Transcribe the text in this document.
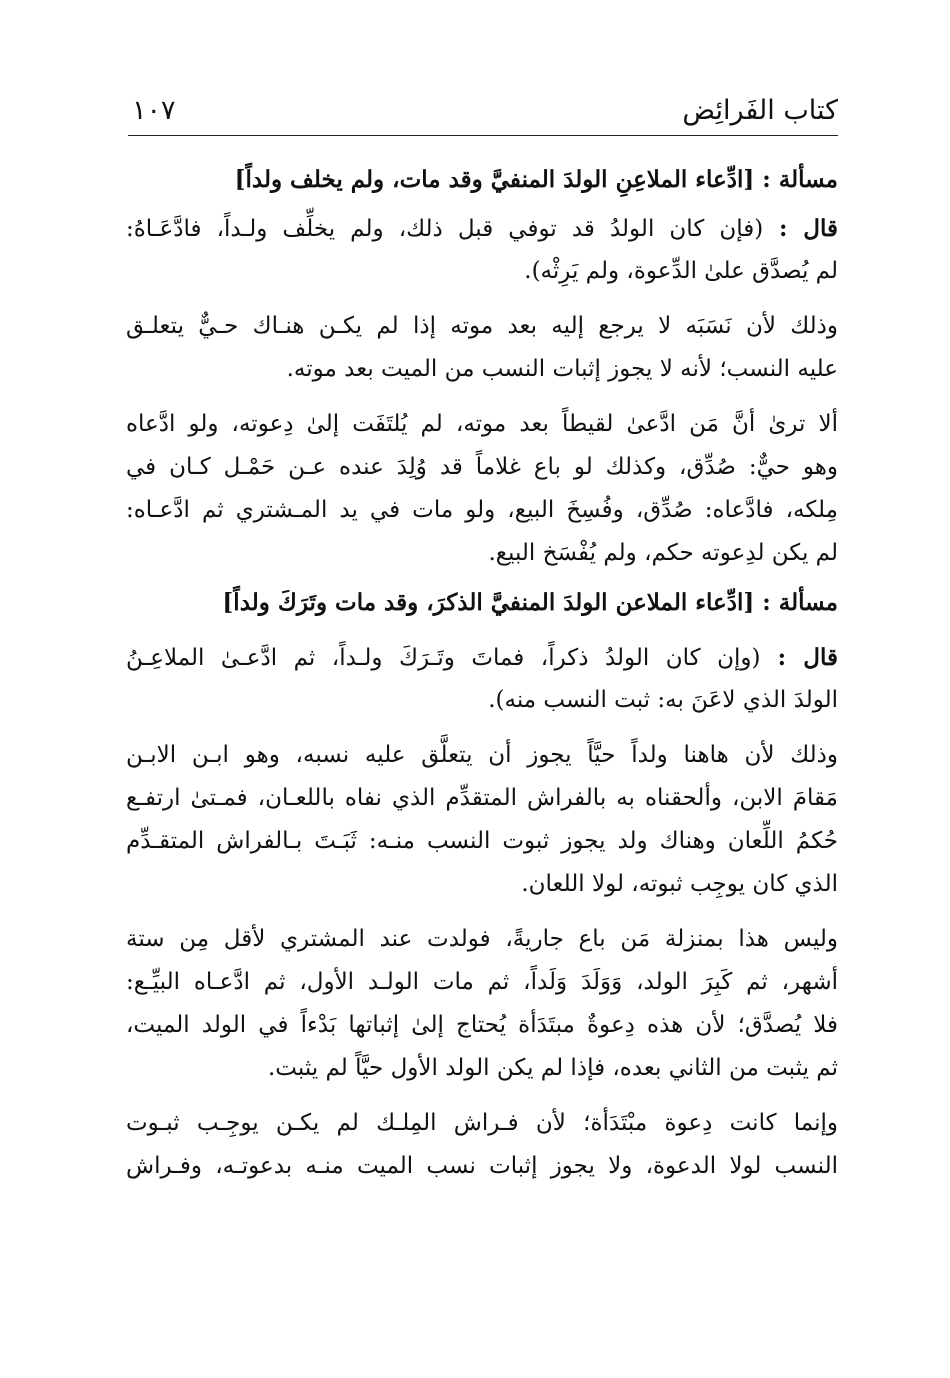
كتاب الفَرائِض
١٠٧
مسألة : [ادِّعاء الملاعِنِ الولدَ المنفيَّ وقد مات، ولم يخلف ولداً]
قال : (فإن كان الولدُ قد توفي قبل ذلك، ولم يخلِّف ولـداً، فادَّعَـاهُ:
لم يُصدَّق علىٰ الدِّعوة، ولم يَرِثْه).
وذلك لأن نَسَبَه لا يرجع إليه بعد موته إذا لم يكـن هنـاك حـيٌّ يتعلـق
عليه النسب؛ لأنه لا يجوز إثبات النسب من الميت بعد موته.
ألا ترىٰ أنَّ مَن ادَّعىٰ لقيطاً بعد موته، لم يُلتَفَت إلىٰ دِعوته، ولو ادَّعاه
وهو حيٌّ: صُدِّق، وكذلك لو باع غلاماً قد وُلِدَ عنده عـن حَمْـل كـان في
مِلكه، فادَّعاه: صُدِّق، وفُسِخَ البيع، ولو مات في يد المـشتري ثم ادَّعـاه:
لم يكن لدِعوته حكم، ولم يُفْسَخ البيع.
مسألة : [ادِّعاء الملاعن الولدَ المنفيَّ الذكرَ، وقد مات وتَرَكَ ولداً]
قال : (وإن كان الولدُ ذكراً، فماتَ وتَـرَكَ ولـداً، ثم ادَّعـىٰ الملاعِـنُ
الولدَ الذي لاعَنَ به: ثبت النسب منه).
وذلك لأن هاهنا ولداً حيَّاً يجوز أن يتعلَّق عليه نسبه، وهو ابـن الابـن
مَقامَ الابن، وألحقناه به بالفراش المتقدِّم الذي نفاه باللعـان، فمـتىٰ ارتفـع
حُكمُ اللِّعان وهناك ولد يجوز ثبوت النسب منـه: ثَبَـتَ بـالفراش المتقـدِّم
الذي كان يوجِب ثبوته، لولا اللعان.
وليس هذا بمنزلة مَن باع جاريةً، فولدت عند المشتري لأقل مِن ستة
أشهر، ثم كَبِرَ الولد، وَوَلَدَ وَلَداً، ثم مات الولـد الأول، ثم ادَّعـاه البيِّـع:
فلا يُصدَّق؛ لأن هذه دِعوةٌ مبتَدَأة يُحتاج إلىٰ إثباتها بَدْءاً في الولد الميت،
ثم يثبت من الثاني بعده، فإذا لم يكن الولد الأول حيَّاً لم يثبت.
وإنما كانت دِعوة مبْتَدَأة؛ لأن فـراش المِلـك لم يكـن يوجِـب ثبـوت
النسب لولا الدعوة، ولا يجوز إثبات نسب الميت منـه بدعوتـه، وفـراش
